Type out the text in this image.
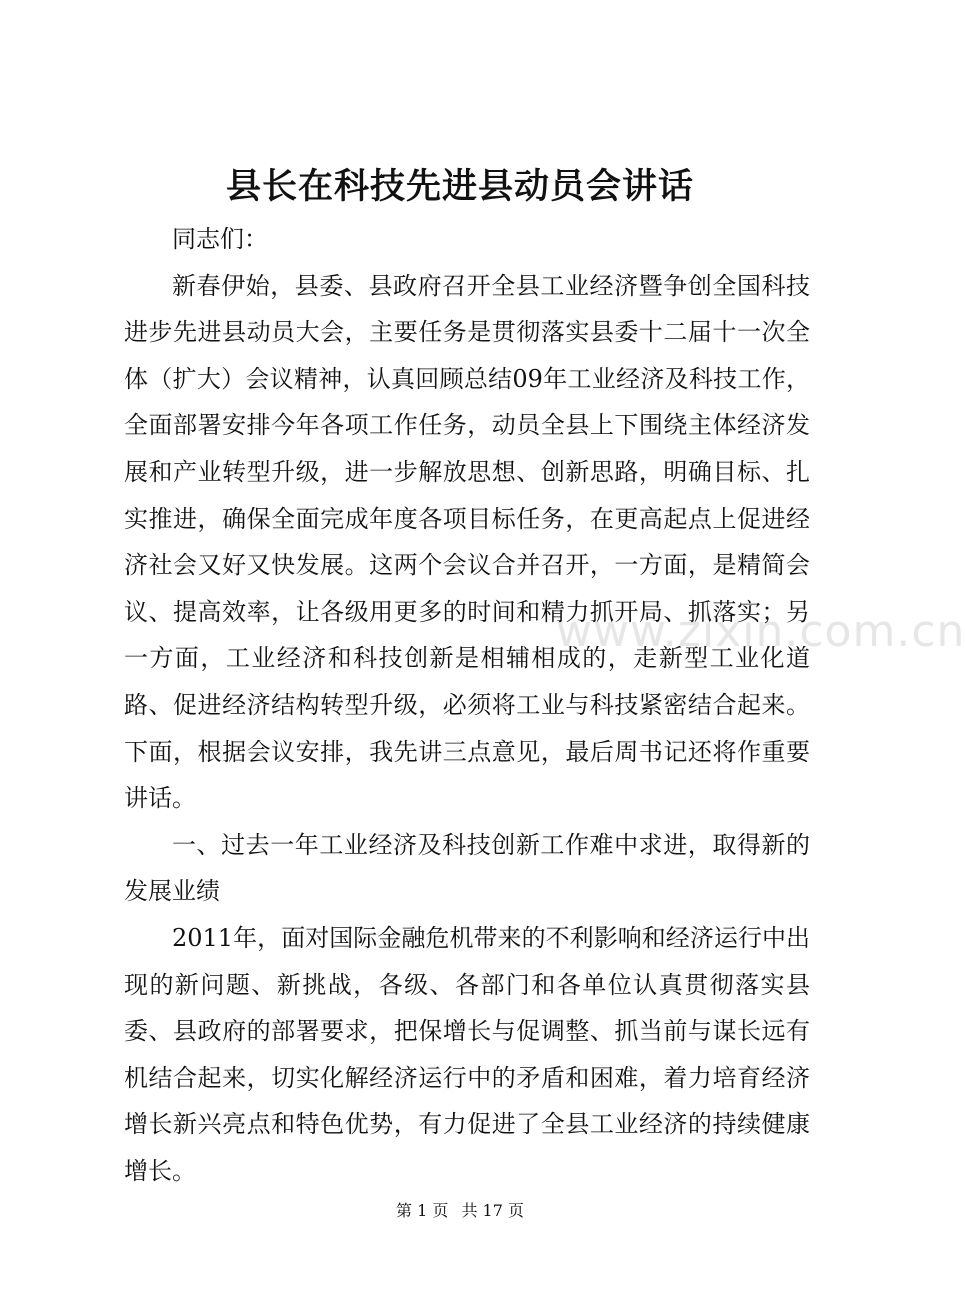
www.zixin.com.cn
县长在科技先进县动员会讲话

同志们：

新春伊始，县委、县政府召开全县工业经济暨争创全国科技进步先进县动员大会，主要任务是贯彻落实县委十二届十一次全体（扩大）会议精神，认真回顾总结09年工业经济及科技工作，全面部署安排今年各项工作任务，动员全县上下围绕主体经济发展和产业转型升级，进一步解放思想、创新思路，明确目标、扎实推进，确保全面完成年度各项目标任务，在更高起点上促进经济社会又好又快发展。这两个会议合并召开，一方面，是精简会议、提高效率，让各级用更多的时间和精力抓开局、抓落实；另一方面，工业经济和科技创新是相辅相成的，走新型工业化道路、促进经济结构转型升级，必须将工业与科技紧密结合起来。下面，根据会议安排，我先讲三点意见，最后周书记还将作重要讲话。

一、过去一年工业经济及科技创新工作难中求进，取得新的发展业绩

2011年，面对国际金融危机带来的不利影响和经济运行中出现的新问题、新挑战，各级、各部门和各单位认真贯彻落实县委、县政府的部署要求，把保增长与促调整、抓当前与谋长远有机结合起来，切实化解经济运行中的矛盾和困难，着力培育经济增长新兴亮点和特色优势，有力促进了全县工业经济的持续健康增长。

第 1 页 共 17 页
